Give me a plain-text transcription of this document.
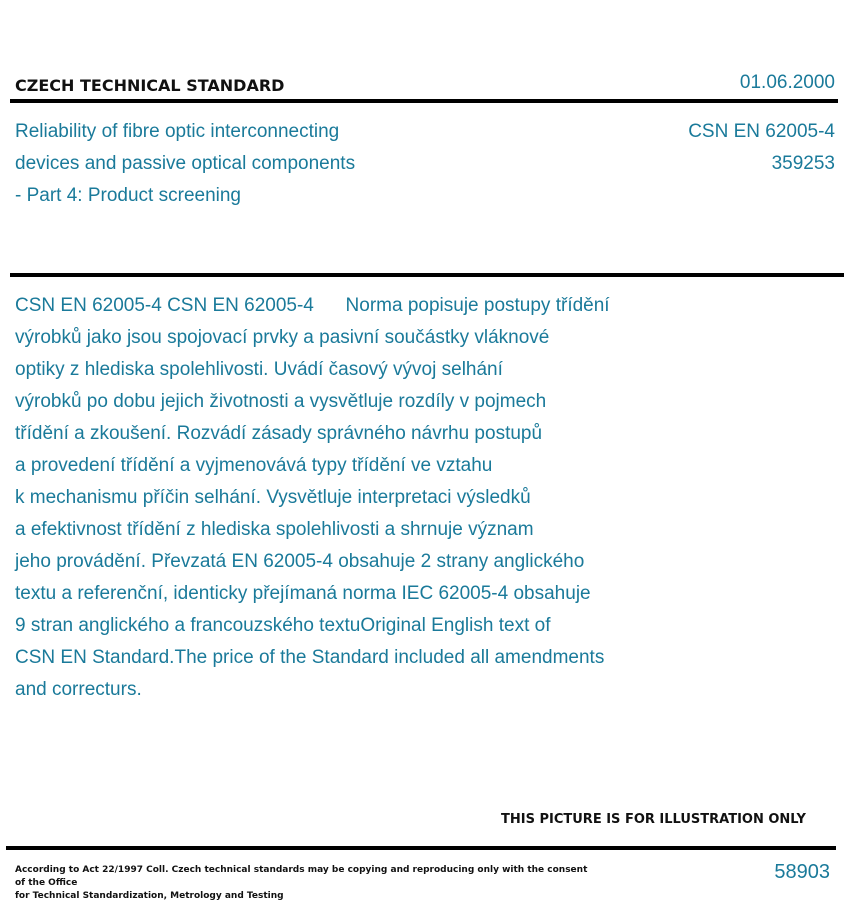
CZECH TECHNICAL STANDARD	01.06.2000
Reliability of fibre optic interconnecting
devices and passive optical components
- Part 4: Product screening
CSN EN 62005-4
359253
CSN EN 62005-4 CSN EN 62005-4      Norma popisuje postupy třídění
výrobků jako jsou spojovací prvky a pasivní součástky vláknové
optiky z hlediska spolehlivosti. Uvádí časový vývoj selhání
výrobků po dobu jejich životnosti a vysvětluje rozdíly v pojmech
třídění a zkoušení. Rozvádí zásady správného návrhu postupů
a provedení třídění a vyjmenovává typy třídění ve vztahu
k mechanismu příčin selhání. Vysvětluje interpretaci výsledků
a efektivnost třídění z hlediska spolehlivosti a shrnuje význam
jeho provádění. Převzatá EN 62005-4 obsahuje 2 strany anglického
textu a referenční, identicky přejímaná norma IEC 62005-4 obsahuje
9 stran anglického a francouzského textuOriginal English text of
CSN EN Standard.The price of the Standard included all amendments
and correcturs.
THIS PICTURE IS FOR ILLUSTRATION ONLY
According to Act 22/1997 Coll. Czech technical standards may be copying and reproducing only with the consent of the Office
for Technical Standardization, Metrology and Testing
58903
